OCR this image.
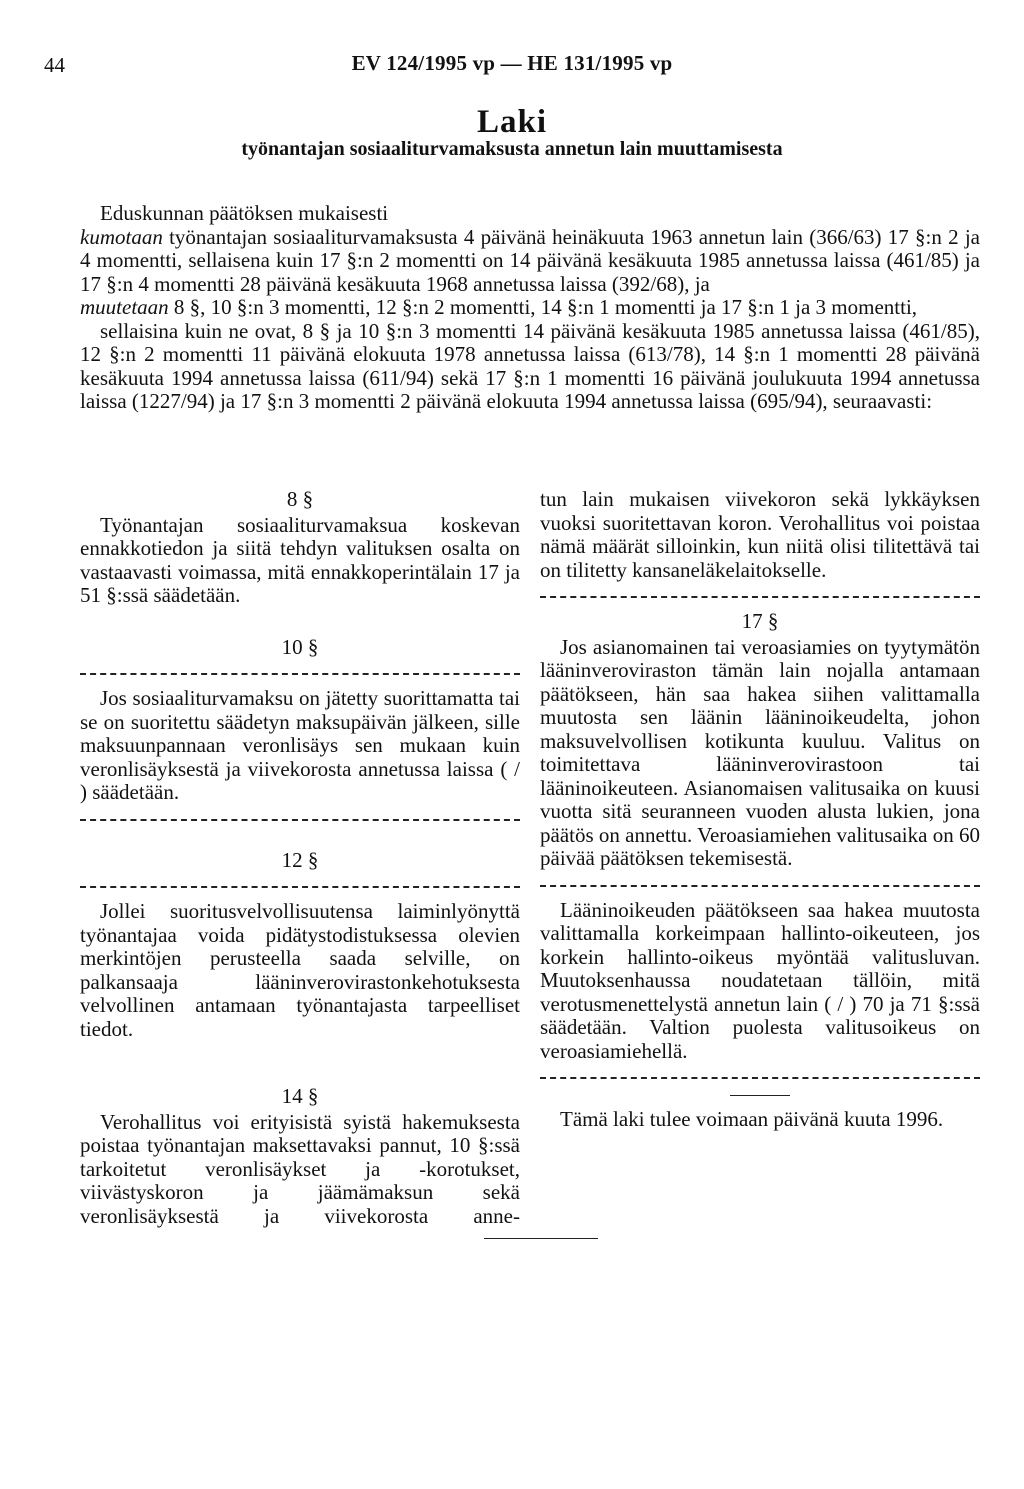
44	EV 124/1995 vp — HE 131/1995 vp
Laki
työnantajan sosiaaliturvamaksusta annetun lain muuttamisesta

Eduskunnan päätöksen mukaisesti

kumotaan työnantajan sosiaaliturvamaksusta 4 päivänä heinäkuuta 1963 annetun lain (366/63) 17 §:n 2 ja 4 momentti, sellaisena kuin 17 §:n 2 momentti on 14 päivänä kesäkuuta 1985 annetussa laissa (461/85) ja 17 §:n 4 momentti 28 päivänä kesäkuuta 1968 annetussa laissa (392/68), ja

muutetaan 8 §, 10 §:n 3 momentti, 12 §:n 2 momentti, 14 §:n 1 momentti ja 17 §:n 1 ja 3 momentti,

sellaisina kuin ne ovat, 8 § ja 10 §:n 3 momentti 14 päivänä kesäkuuta 1985 annetussa laissa (461/85), 12 §:n 2 momentti 11 päivänä elokuuta 1978 annetussa laissa (613/78), 14 §:n 1 momentti 28 päivänä kesäkuuta 1994 annetussa laissa (611/94) sekä 17 §:n 1 momentti 16 päivänä joulukuuta 1994 annetussa laissa (1227/94) ja 17 §:n 3 momentti 2 päivänä elokuuta 1994 annetussa laissa (695/94), seuraavasti:

8 §

Työnantajan sosiaaliturvamaksua koskevan ennakkotiedon ja siitä tehdyn valituksen osalta on vastaavasti voimassa, mitä ennakkoperintälain 17 ja 51 §:ssä säädetään.

10 §

Jos sosiaaliturvamaksu on jätetty suorittamatta tai se on suoritettu säädetyn maksupäivän jälkeen, sille maksuunpannaan veronlisäys sen mukaan kuin veronlisäyksestä ja viivekorosta annetussa laissa ( / ) säädetään.

12 §

Jollei suoritusvelvollisuutensa laiminlyönyttä työnantajaa voida pidätystodistuksessa olevien merkintöjen perusteella saada selville, on palkansaaja lääninverovirastonkehotuksesta velvollinen antamaan työnantajasta tarpeelliset tiedot.

14 §

Verohallitus voi erityisistä syistä hakemuksesta poistaa työnantajan maksettavaksi pannut, 10 §:ssä tarkoitetut veronlisäykset ja -korotukset, viivästyskoron ja jäämämaksun sekä veronlisäyksestä ja viivekorosta anne-

tun lain mukaisen viivekoron sekä lykkäyksen vuoksi suoritettavan koron. Verohallitus voi poistaa nämä määrät silloinkin, kun niitä olisi tilitettävä tai on tilitetty kansaneläkelaitokselle.

17 §

Jos asianomainen tai veroasiamies on tyytymätön lääninveroviraston tämän lain nojalla antamaan päätökseen, hän saa hakea siihen valittamalla muutosta sen läänin lääninoikeudelta, johon maksuvelvollisen kotikunta kuuluu. Valitus on toimitettava lääninverovirastoon tai lääninoikeuteen. Asianomaisen valitusaika on kuusi vuotta sitä seuranneen vuoden alusta lukien, jona päätös on annettu. Veroasiamiehen valitusaika on 60 päivää päätöksen tekemisestä.

Lääninoikeuden päätökseen saa hakea muutosta valittamalla korkeimpaan hallinto-oikeuteen, jos korkein hallinto-oikeus myöntää valitusluvan. Muutoksenhaussa noudatetaan tällöin, mitä verotusmenettelystä annetun lain ( / ) 70 ja 71 §:ssä säädetään. Valtion puolesta valitusoikeus on veroasiamiehellä.

Tämä laki tulee voimaan päivänä kuuta 1996.
